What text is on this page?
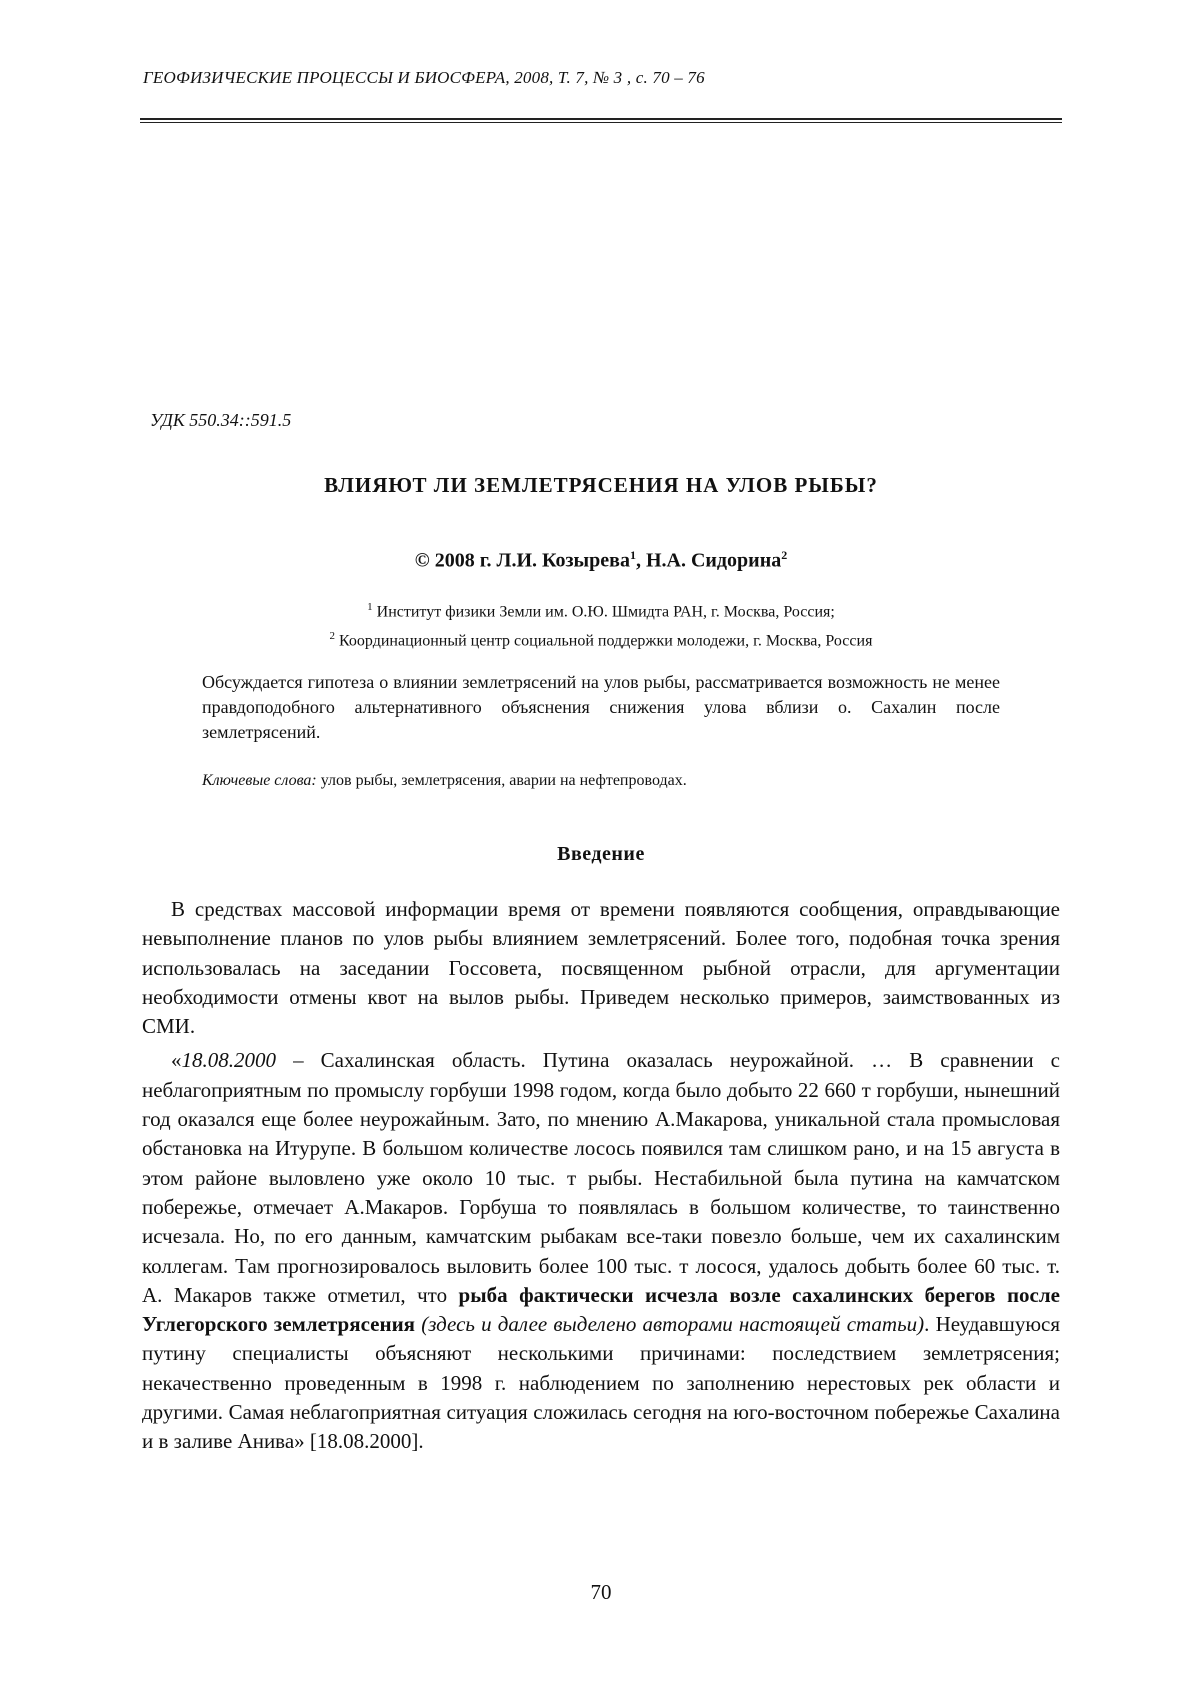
ГЕОФИЗИЧЕСКИЕ ПРОЦЕССЫ И БИОСФЕРА, 2008, Т. 7, № 3 , с. 70 – 76
УДК 550.34::591.5
ВЛИЯЮТ ЛИ ЗЕМЛЕТРЯСЕНИЯ НА УЛОВ РЫБЫ?
© 2008 г. Л.И. Козырева$^1$, Н.А. Сидорина$^2$
$^1$ Институт физики Земли им. О.Ю. Шмидта РАН, г. Москва, Россия;
$^2$ Координационный центр социальной поддержки молодежи, г. Москва, Россия
Обсуждается гипотеза о влиянии землетрясений на улов рыбы, рассматривается возможность не менее правдоподобного альтернативного объяснения снижения улова вблизи о. Сахалин после землетрясений.
Ключевые слова: улов рыбы, землетрясения, аварии на нефтепроводах.
Введение

В средствах массовой информации время от времени появляются сообщения, оправдывающие невыполнение планов по улов рыбы влиянием землетрясений. Более того, подобная точка зрения использовалась на заседании Госсовета, посвященном рыбной отрасли, для аргументации необходимости отмены квот на вылов рыбы. Приведем несколько примеров, заимствованных из СМИ.

«18.08.2000 – Сахалинская область. Путина оказалась неурожайной. … В сравнении с неблагоприятным по промыслу горбуши 1998 годом, когда было добыто 22 660 т горбуши, нынешний год оказался еще более неурожайным. Зато, по мнению А.Макарова, уникальной стала промысловая обстановка на Итурупе. В большом количестве лосось появился там слишком рано, и на 15 августа в этом районе выловлено уже около 10 тыс. т рыбы. Нестабильной была путина на камчатском побережье, отмечает А.Макаров. Горбуша то появлялась в большом количестве, то таинственно исчезала. Но, по его данным, камчатским рыбакам все-таки повезло больше, чем их сахалинским коллегам. Там прогнозировалось выловить более 100 тыс. т лосося, удалось добыть более 60 тыс. т. А. Макаров также отметил, что рыба фактически исчезла возле сахалинских берегов после Углегорского землетрясения (здесь и далее выделено авторами настоящей статьи). Неудавшуюся путину специалисты объясняют несколькими причинами: последствием землетрясения; некачественно проведенным в 1998 г. наблюдением по заполнению нерестовых рек области и другими. Самая неблагоприятная ситуация сложилась сегодня на юго-восточном побережье Сахалина и в заливе Анива» [18.08.2000].

70
